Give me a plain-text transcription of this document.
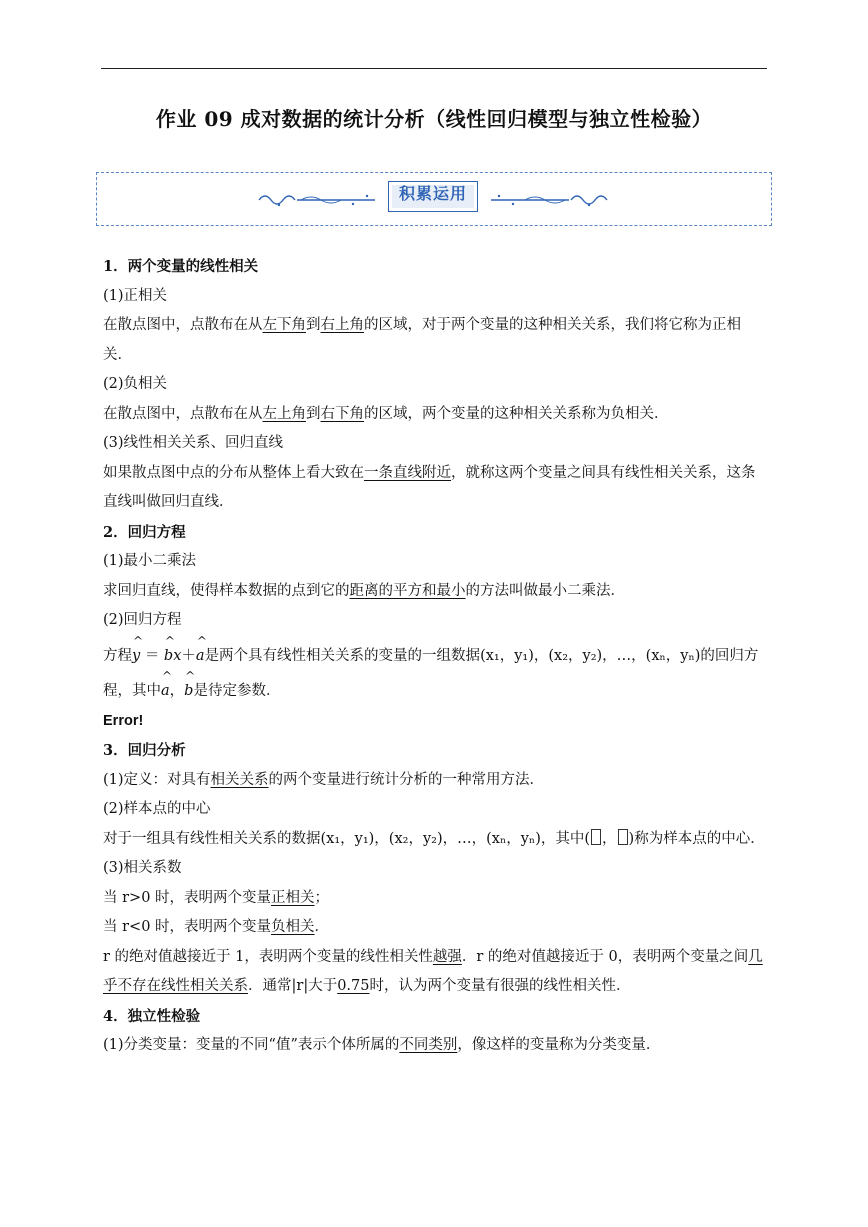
作业 09 成对数据的统计分析（线性回归模型与独立性检验）
积累运用

1．两个变量的线性相关

(1)正相关

在散点图中，点散布在从左下角到右上角的区域，对于两个变量的这种相关关系，我们将它称为正相关．

(2)负相关

在散点图中，点散布在从左上角到右下角的区域，两个变量的这种相关关系称为负相关．

(3)线性相关关系、回归直线

如果散点图中点的分布从整体上看大致在一条直线附近，就称这两个变量之间具有线性相关关系，这条直线叫做回归直线．

2．回归方程

(1)最小二乘法

求回归直线，使得样本数据的点到它的距离的平方和最小的方法叫做最小二乘法．

(2)回归方程

方程^ y ＝ ^ bx＋^ a是两个具有线性相关关系的变量的一组数据(x₁，y₁)，(x₂，y₂)，…，(xₙ，yₙ)的回归方

程，其中^ a，^ b是待定参数．

Error!

3．回归分析

(1)定义：对具有相关关系的两个变量进行统计分析的一种常用方法．

(2)样本点的中心

对于一组具有线性相关关系的数据(x₁，y₁)，(x₂，y₂)，…，(xₙ，yₙ)，其中( ， )称为样本点的中心．

(3)相关系数

当 r>0 时，表明两个变量正相关；

当 r<0 时，表明两个变量负相关．

r 的绝对值越接近于 1，表明两个变量的线性相关性越强．r 的绝对值越接近于 0，表明两个变量之间几乎不存在线性相关关系．通常|r|大于0.75时，认为两个变量有很强的线性相关性．

4．独立性检验

(1)分类变量：变量的不同“值”表示个体所属的不同类别，像这样的变量称为分类变量．
